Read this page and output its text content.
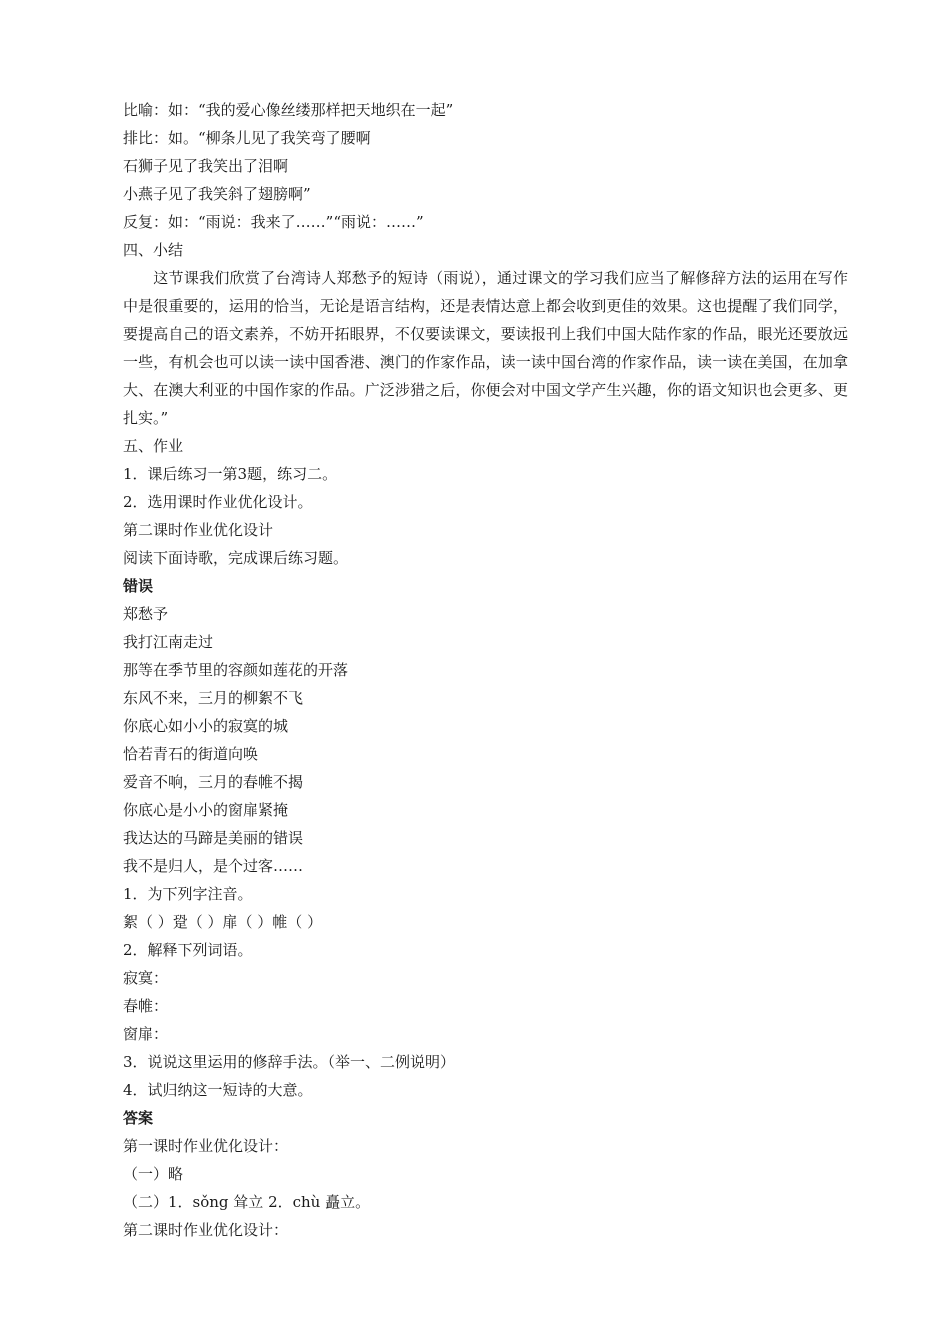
比喻：如：“我的爱心像丝缕那样把天地织在一起”
排比：如。“柳条儿见了我笑弯了腰啊
石狮子见了我笑出了泪啊
小燕子见了我笑斜了翅膀啊”
反复：如：“雨说：我来了……”“雨说：……”
四、小结
这节课我们欣赏了台湾诗人郑愁予的短诗（雨说），通过课文的学习我们应当了解修辞方法的运用在写作中是很重要的，运用的恰当，无论是语言结构，还是表情达意上都会收到更佳的效果。这也提醒了我们同学，要提高自己的语文素养，不妨开拓眼界，不仅要读课文，要读报刊上我们中国大陆作家的作品，眼光还要放远一些，有机会也可以读一读中国香港、澳门的作家作品，读一读中国台湾的作家作品，读一读在美国，在加拿大、在澳大利亚的中国作家的作品。广泛涉猎之后，你便会对中国文学产生兴趣，你的语文知识也会更多、更扎实。”
五、作业
1．课后练习一第3题，练习二。
2．选用课时作业优化设计。
第二课时作业优化设计
阅读下面诗歌，完成课后练习题。
错误
郑愁予
我打江南走过
那等在季节里的容颜如莲花的开落
东风不来，三月的柳絮不飞
你底心如小小的寂寞的城
恰若青石的街道向唤
爱音不响，三月的春帷不揭
你底心是小小的窗扉紧掩
我达达的马蹄是美丽的错误
我不是归人，是个过客……
1．为下列字注音。
絮（ ）跫（ ）扉（ ）帷（ ）
2．解释下列词语。
寂寞：
春帷：
窗扉：
3．说说这里运用的修辞手法。（举一、二例说明）
4．试归纳这一短诗的大意。
答案
第一课时作业优化设计：
（一）略
（二）1．sǒng 耸立 2．chù 矗立。
第二课时作业优化设计：
